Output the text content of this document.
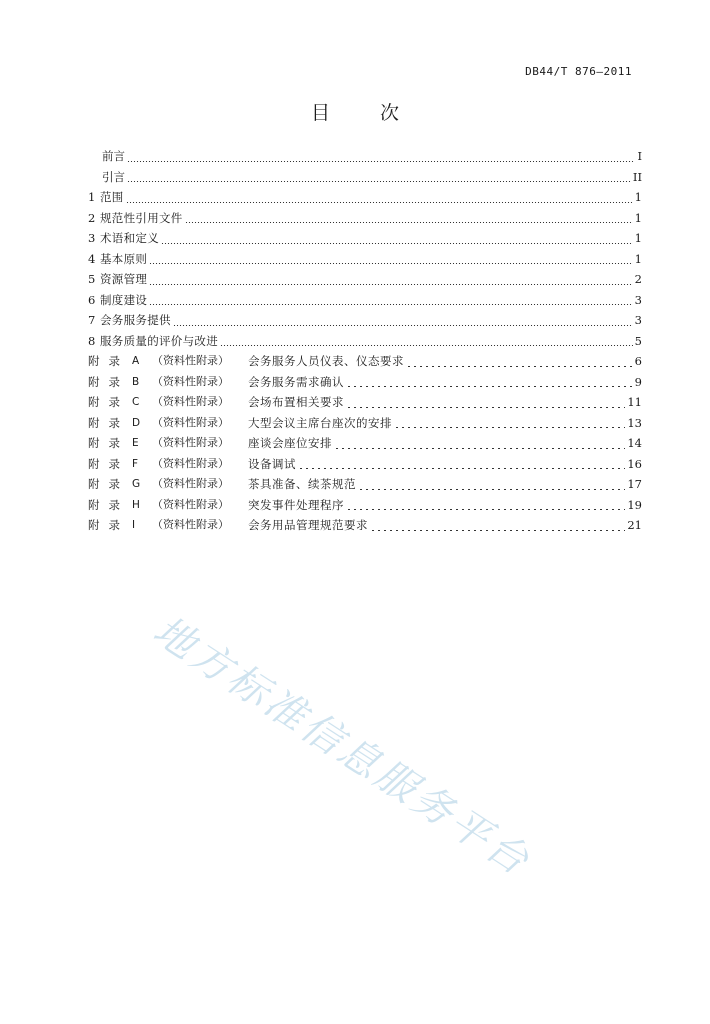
DB44/T 876—2011
目 次
前言	I
引言	II
1 范围	1
2 规范性引用文件	1
3 术语和定义	1
4 基本原则	1
5 资源管理	2
6 制度建设	3
7 会务服务提供	3
8 服务质量的评价与改进	5
附录 A	（资料性附录）	会务服务人员仪表、仪态要求	6
附录 B	（资料性附录）	会务服务需求确认	9
附录 C	（资料性附录）	会场布置相关要求	11
附录 D	（资料性附录）	大型会议主席台座次的安排	13
附录 E	（资料性附录）	座谈会座位安排	14
附录 F	（资料性附录）	设备调试	16
附录 G	（资料性附录）	茶具准备、续茶规范	17
附录 H	（资料性附录）	突发事件处理程序	19
附录 I	（资料性附录）	会务用品管理规范要求	21
地方标准信息服务平台
